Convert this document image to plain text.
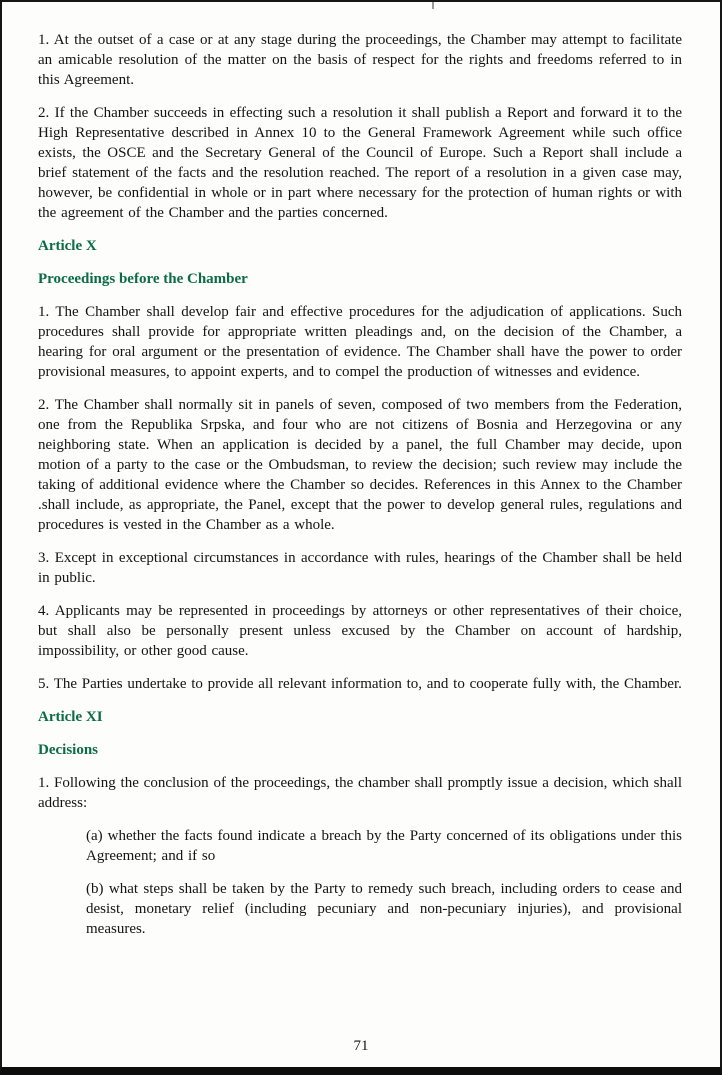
1. At the outset of a case or at any stage during the proceedings, the Chamber may attempt to facilitate an amicable resolution of the matter on the basis of respect for the rights and freedoms referred to in this Agreement.

2. If the Chamber succeeds in effecting such a resolution it shall publish a Report and forward it to the High Representative described in Annex 10 to the General Framework Agreement while such office exists, the OSCE and the Secretary General of the Council of Europe. Such a Report shall include a brief statement of the facts and the resolution reached. The report of a resolution in a given case may, however, be confidential in whole or in part where necessary for the protection of human rights or with the agreement of the Chamber and the parties concerned.

Article X
Proceedings before the Chamber

1. The Chamber shall develop fair and effective procedures for the adjudication of applications. Such procedures shall provide for appropriate written pleadings and, on the decision of the Chamber, a hearing for oral argument or the presentation of evidence. The Chamber shall have the power to order provisional measures, to appoint experts, and to compel the production of witnesses and evidence.

2. The Chamber shall normally sit in panels of seven, composed of two members from the Federation, one from the Republika Srpska, and four who are not citizens of Bosnia and Herzegovina or any neighboring state. When an application is decided by a panel, the full Chamber may decide, upon motion of a party to the case or the Ombudsman, to review the decision; such review may include the taking of additional evidence where the Chamber so decides. References in this Annex to the Chamber .shall include, as appropriate, the Panel, except that the power to develop general rules, regulations and procedures is vested in the Chamber as a whole.

3. Except in exceptional circumstances in accordance with rules, hearings of the Chamber shall be held in public.

4. Applicants may be represented in proceedings by attorneys or other representatives of their choice, but shall also be personally present unless excused by the Chamber on account of hardship, impossibility, or other good cause.

5. The Parties undertake to provide all relevant information to, and to cooperate fully with, the Chamber.

Article XI
Decisions

1. Following the conclusion of the proceedings, the chamber shall promptly issue a decision, which shall address:

(a) whether the facts found indicate a breach by the Party concerned of its obligations under this Agreement; and if so

(b) what steps shall be taken by the Party to remedy such breach, including orders to cease and desist, monetary relief (including pecuniary and non-pecuniary injuries), and provisional measures.

71
